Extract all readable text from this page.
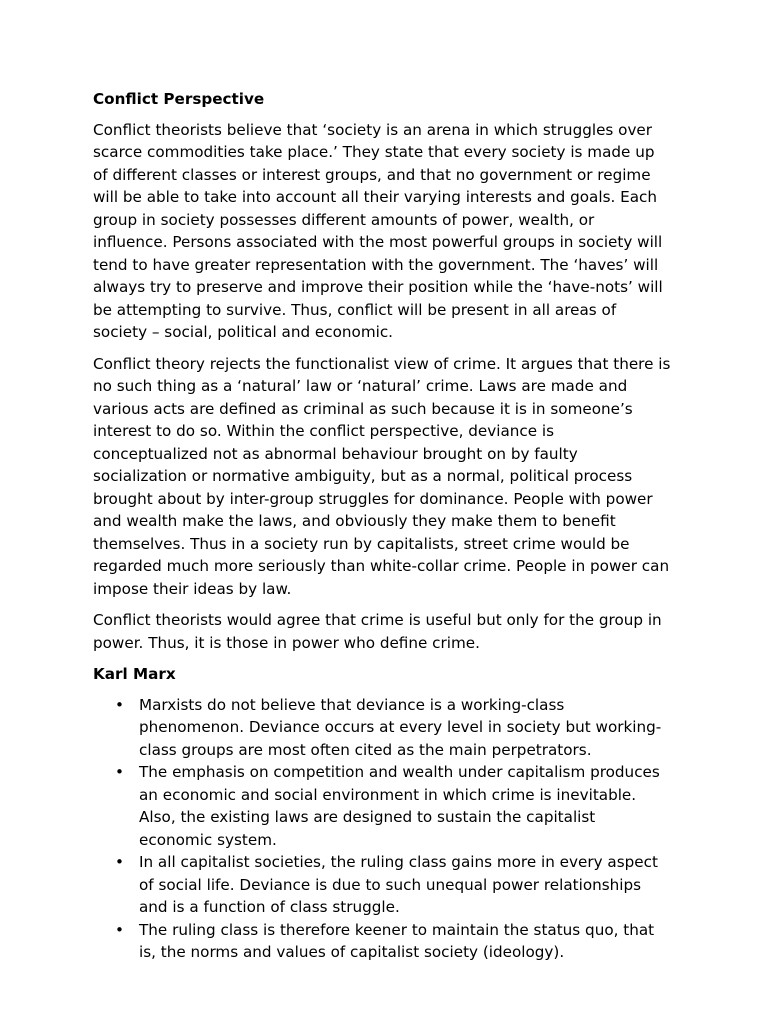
Conflict Perspective

Conflict theorists believe that ‘society is an arena in which struggles over scarce commodities take place.’ They state that every society is made up of different classes or interest groups, and that no government or regime will be able to take into account all their varying interests and goals. Each group in society possesses different amounts of power, wealth, or influence. Persons associated with the most powerful groups in society will tend to have greater representation with the government. The ‘haves’ will always try to preserve and improve their position while the ‘have-nots’ will be attempting to survive. Thus, conflict will be present in all areas of society – social, political and economic.

Conflict theory rejects the functionalist view of crime. It argues that there is no such thing as a ‘natural’ law or ‘natural’ crime. Laws are made and various acts are defined as criminal as such because it is in someone’s interest to do so. Within the conflict perspective, deviance is conceptualized not as abnormal behaviour brought on by faulty socialization or normative ambiguity, but as a normal, political process brought about by inter-group struggles for dominance. People with power and wealth make the laws, and obviously they make them to benefit themselves. Thus in a society run by capitalists, street crime would be regarded much more seriously than white-collar crime. People in power can impose their ideas by law.

Conflict theorists would agree that crime is useful but only for the group in power. Thus, it is those in power who define crime.

Karl Marx

• Marxists do not believe that deviance is a working-class phenomenon. Deviance occurs at every level in society but working-class groups are most often cited as the main perpetrators.
• The emphasis on competition and wealth under capitalism produces an economic and social environment in which crime is inevitable. Also, the existing laws are designed to sustain the capitalist economic system.
• In all capitalist societies, the ruling class gains more in every aspect of social life. Deviance is due to such unequal power relationships and is a function of class struggle.
• The ruling class is therefore keener to maintain the status quo, that is, the norms and values of capitalist society (ideology).
